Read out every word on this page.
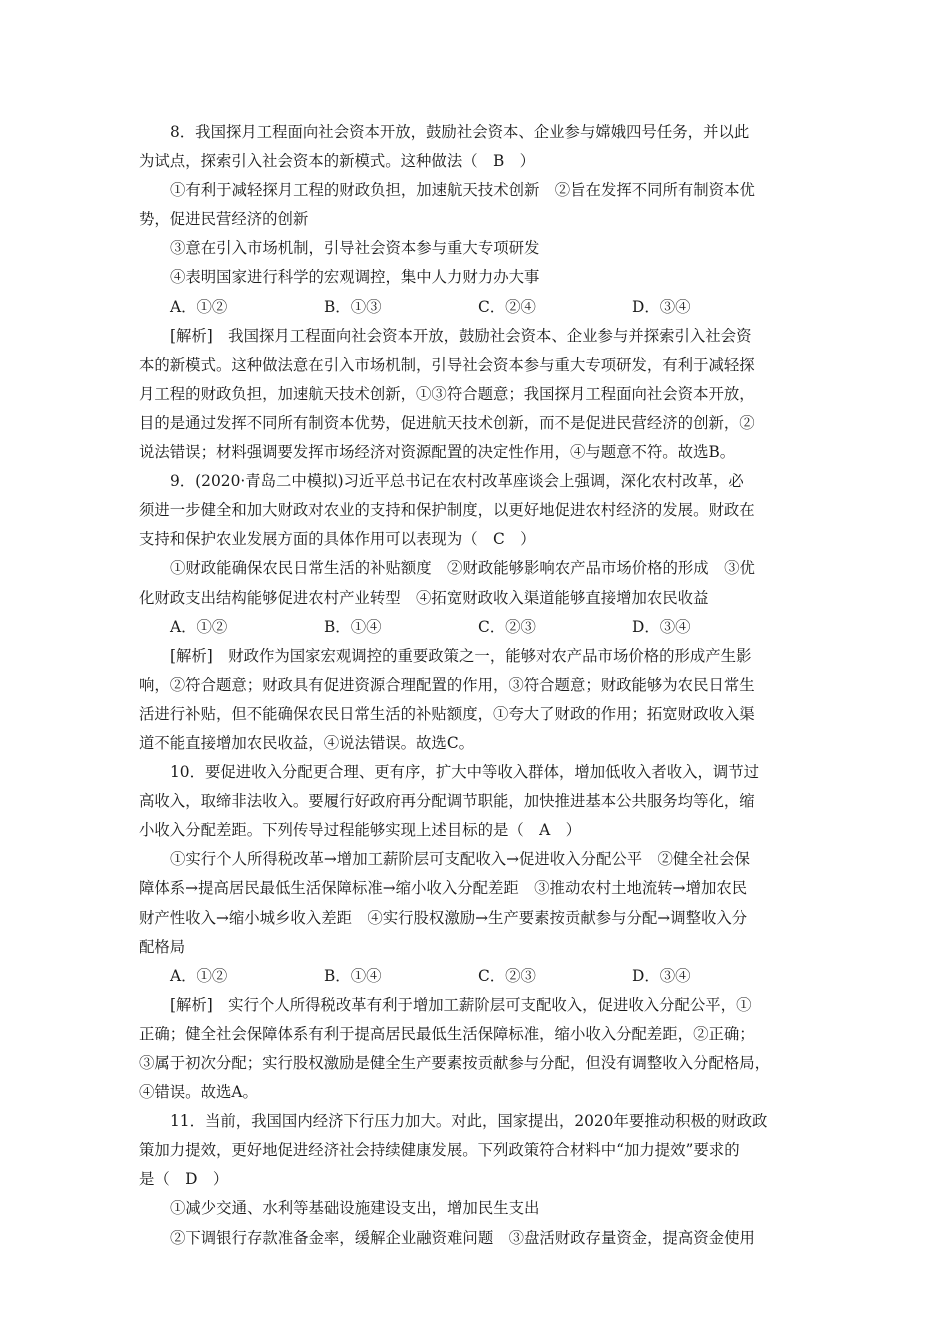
8．我国探月工程面向社会资本开放，鼓励社会资本、企业参与嫦娥四号任务，并以此
为试点，探索引入社会资本的新模式。这种做法（　B　）

①有利于减轻探月工程的财政负担，加速航天技术创新　②旨在发挥不同所有制资本优
势，促进民营经济的创新

③意在引入市场机制，引导社会资本参与重大专项研发

④表明国家进行科学的宏观调控，集中人力财力办大事

A．①②	B．①③	C．②④	D．③④

[解析]　我国探月工程面向社会资本开放，鼓励社会资本、企业参与并探索引入社会资
本的新模式。这种做法意在引入市场机制，引导社会资本参与重大专项研发，有利于减轻探
月工程的财政负担，加速航天技术创新，①③符合题意；我国探月工程面向社会资本开放，
目的是通过发挥不同所有制资本优势，促进航天技术创新，而不是促进民营经济的创新，②
说法错误；材料强调要发挥市场经济对资源配置的决定性作用，④与题意不符。故选B。

9．(2020·青岛二中模拟)习近平总书记在农村改革座谈会上强调，深化农村改革，必
须进一步健全和加大财政对农业的支持和保护制度，以更好地促进农村经济的发展。财政在
支持和保护农业发展方面的具体作用可以表现为（　C　）

①财政能确保农民日常生活的补贴额度　②财政能够影响农产品市场价格的形成　③优
化财政支出结构能够促进农村产业转型　④拓宽财政收入渠道能够直接增加农民收益

A．①②	B．①④	C．②③	D．③④

[解析]　财政作为国家宏观调控的重要政策之一，能够对农产品市场价格的形成产生影
响，②符合题意；财政具有促进资源合理配置的作用，③符合题意；财政能够为农民日常生
活进行补贴，但不能确保农民日常生活的补贴额度，①夸大了财政的作用；拓宽财政收入渠
道不能直接增加农民收益，④说法错误。故选C。

10．要促进收入分配更合理、更有序，扩大中等收入群体，增加低收入者收入，调节过
高收入，取缔非法收入。要履行好政府再分配调节职能，加快推进基本公共服务均等化，缩
小收入分配差距。下列传导过程能够实现上述目标的是（　A　）

①实行个人所得税改革→增加工薪阶层可支配收入→促进收入分配公平　②健全社会保
障体系→提高居民最低生活保障标准→缩小收入分配差距　③推动农村土地流转→增加农民
财产性收入→缩小城乡收入差距　④实行股权激励→生产要素按贡献参与分配→调整收入分
配格局

A．①②	B．①④	C．②③	D．③④

[解析]　实行个人所得税改革有利于增加工薪阶层可支配收入，促进收入分配公平，①
正确；健全社会保障体系有利于提高居民最低生活保障标准，缩小收入分配差距，②正确；
③属于初次分配；实行股权激励是健全生产要素按贡献参与分配，但没有调整收入分配格局，
④错误。故选A。

11．当前，我国国内经济下行压力加大。对此，国家提出，2020年要推动积极的财政政
策加力提效，更好地促进经济社会持续健康发展。下列政策符合材料中“加力提效”要求的
是（　D　）

①减少交通、水利等基础设施建设支出，增加民生支出

②下调银行存款准备金率，缓解企业融资难问题　③盘活财政存量资金，提高资金使用
